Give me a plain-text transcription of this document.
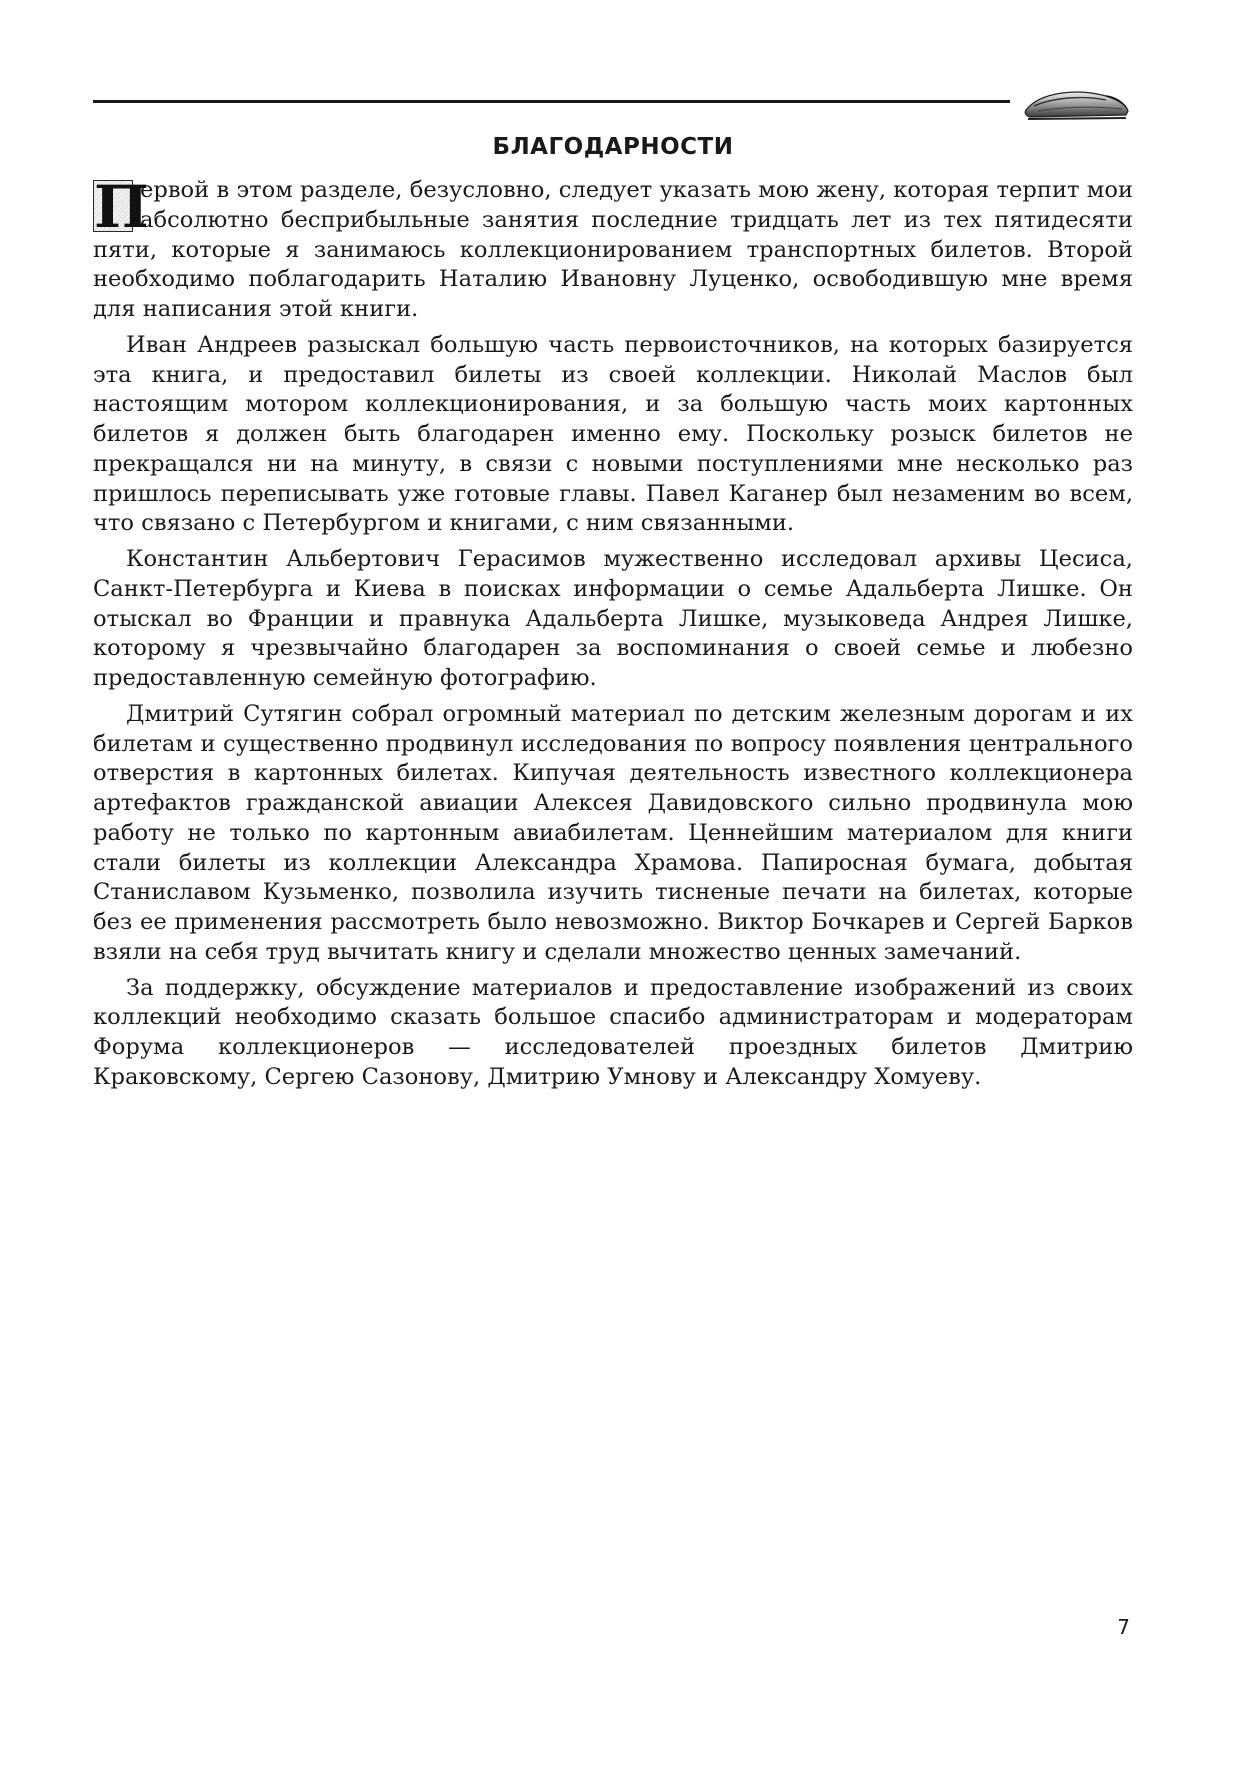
БЛАГОДАРНОСТИ

П
ервой в этом разделе, безусловно, следует указать мою жену, которая терпит мои абсолютно бесприбыльные занятия последние тридцать лет из тех пятидесяти пяти, которые я занимаюсь коллекционированием транспортных билетов. Второй необходимо поблагодарить Наталию Ивановну Луценко, освободившую мне время для написания этой книги.

Иван Андреев разыскал большую часть первоисточников, на которых базируется эта книга, и предоставил билеты из своей коллекции. Николай Маслов был настоящим мотором коллекционирования, и за большую часть моих картонных билетов я должен быть благодарен именно ему. Поскольку розыск билетов не прекращался ни на минуту, в связи с новыми поступлениями мне несколько раз пришлось переписывать уже готовые главы. Павел Каганер был незаменим во всем, что связано с Петербургом и книгами, с ним связанными.

Константин Альбертович Герасимов мужественно исследовал архивы Цесиса, Санкт-Петербурга и Киева в поисках информации о семье Адальберта Лишке. Он отыскал во Франции и правнука Адальберта Лишке, музыковеда Андрея Лишке, которому я чрезвычайно благодарен за воспоминания о своей семье и любезно предоставленную семейную фотографию.

Дмитрий Сутягин собрал огромный материал по детским железным дорогам и их билетам и существенно продвинул исследования по вопросу появления центрального отверстия в картонных билетах. Кипучая деятельность известного коллекционера артефактов гражданской авиации Алексея Давидовского сильно продвинула мою работу не только по картонным авиабилетам. Ценнейшим материалом для книги стали билеты из коллекции Александра Храмова. Папиросная бумага, добытая Станиславом Кузьменко, позволила изучить тисненые печати на билетах, которые без ее применения рассмотреть было невозможно. Виктор Бочкарев и Сергей Барков взяли на себя труд вычитать книгу и сделали множество ценных замечаний.

За поддержку, обсуждение материалов и предоставление изображений из своих коллекций необходимо сказать большое спасибо администраторам и модераторам Форума коллекционеров — исследователей проездных билетов Дмитрию Краковскому, Сергею Сазонову, Дмитрию Умнову и Александру Хомуеву.

7
